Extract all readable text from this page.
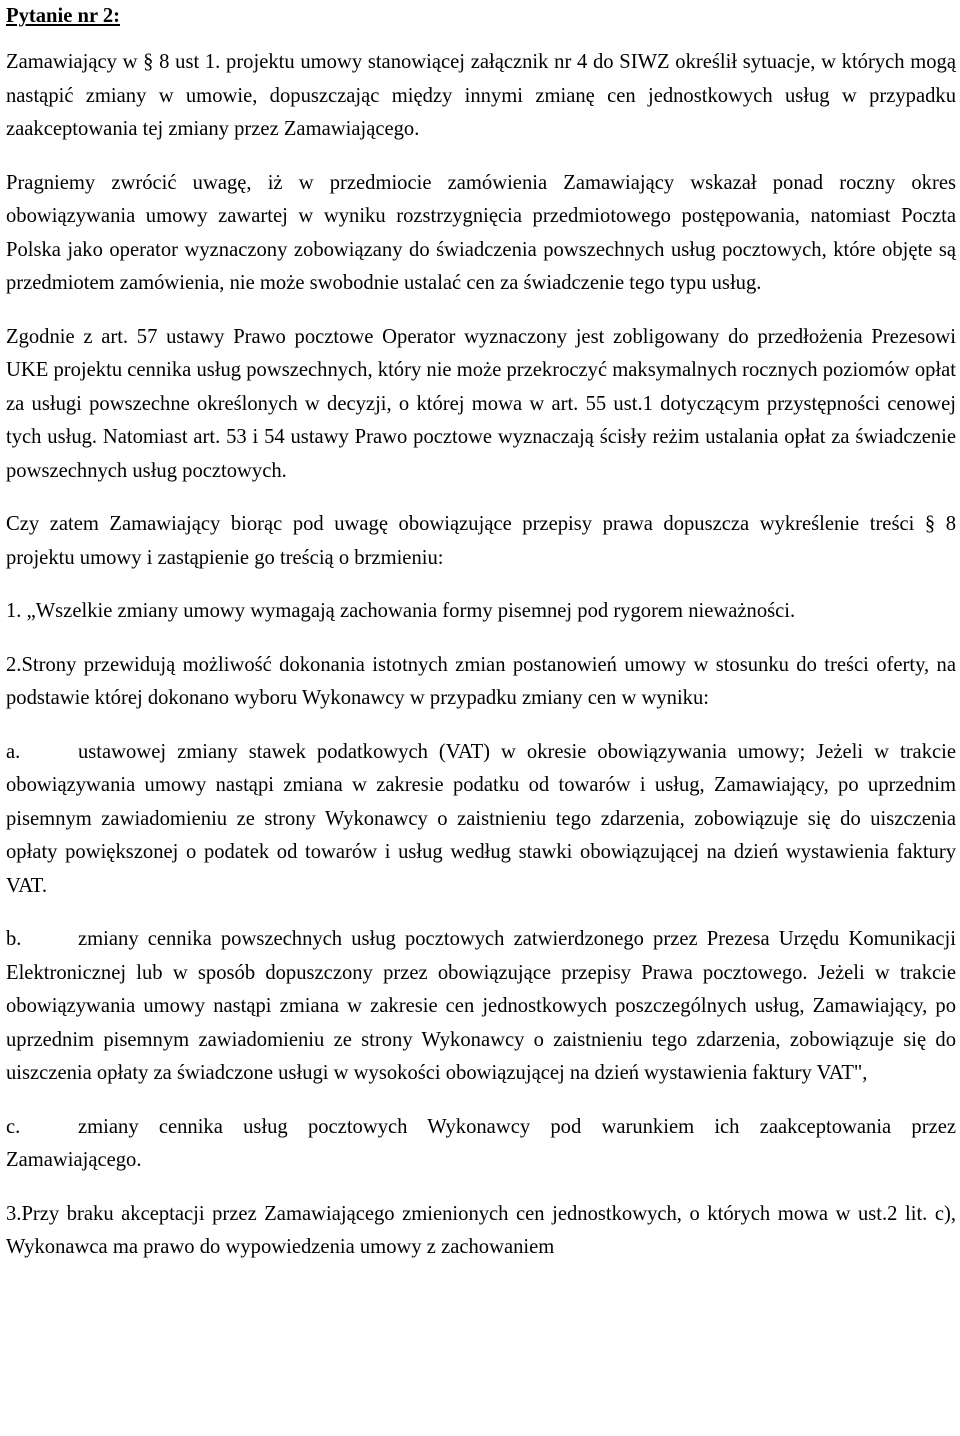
Pytanie nr 2:

Zamawiający w § 8 ust 1. projektu umowy stanowiącej załącznik nr 4 do SIWZ określił sytuacje, w których mogą nastąpić zmiany w umowie, dopuszczając między innymi zmianę cen jednostkowych usług w przypadku zaakceptowania tej zmiany przez Zamawiającego.

Pragniemy zwrócić uwagę, iż w przedmiocie zamówienia Zamawiający wskazał ponad roczny okres obowiązywania umowy zawartej w wyniku rozstrzygnięcia przedmiotowego postępowania, natomiast Poczta Polska jako operator wyznaczony zobowiązany do świadczenia powszechnych usług pocztowych, które objęte są przedmiotem zamówienia, nie może swobodnie ustalać cen za świadczenie tego typu usług.

Zgodnie z art. 57 ustawy Prawo pocztowe Operator wyznaczony jest zobligowany do przedłożenia Prezesowi UKE projektu cennika usług powszechnych, który nie może przekroczyć maksymalnych rocznych poziomów opłat za usługi powszechne określonych w decyzji, o której mowa w art. 55 ust.1 dotyczącym przystępności cenowej tych usług. Natomiast art. 53 i 54 ustawy Prawo pocztowe wyznaczają ścisły reżim ustalania opłat za świadczenie powszechnych usług pocztowych.

Czy zatem Zamawiający biorąc pod uwagę obowiązujące przepisy prawa dopuszcza wykreślenie treści § 8 projektu umowy i zastąpienie go treścią o brzmieniu:

1. „Wszelkie zmiany umowy wymagają zachowania formy pisemnej pod rygorem nieważności.

2.Strony przewidują możliwość dokonania istotnych zmian postanowień umowy w stosunku do treści oferty, na podstawie której dokonano wyboru Wykonawcy w przypadku zmiany cen w wyniku:

a.	ustawowej zmiany stawek podatkowych (VAT) w okresie obowiązywania umowy; Jeżeli w trakcie obowiązywania umowy nastąpi zmiana w zakresie podatku od towarów i usług, Zamawiający, po uprzednim pisemnym zawiadomieniu ze strony Wykonawcy o zaistnieniu tego zdarzenia, zobowiązuje się do uiszczenia opłaty powiększonej o podatek od towarów i usług według stawki obowiązującej na dzień wystawienia faktury VAT.

b.	zmiany cennika powszechnych usług pocztowych zatwierdzonego przez Prezesa Urzędu Komunikacji Elektronicznej lub w sposób dopuszczony przez obowiązujące przepisy Prawa pocztowego. Jeżeli w trakcie obowiązywania umowy nastąpi zmiana w zakresie cen jednostkowych poszczególnych usług, Zamawiający, po uprzednim pisemnym zawiadomieniu ze strony Wykonawcy o zaistnieniu tego zdarzenia, zobowiązuje się do uiszczenia opłaty za świadczone usługi w wysokości obowiązującej na dzień wystawienia faktury VAT",

c.	zmiany cennika usług pocztowych Wykonawcy pod warunkiem ich zaakceptowania przez Zamawiającego.

3.Przy braku akceptacji przez Zamawiającego zmienionych cen jednostkowych, o których mowa w ust.2 lit. c), Wykonawca ma prawo do wypowiedzenia umowy z zachowaniem
